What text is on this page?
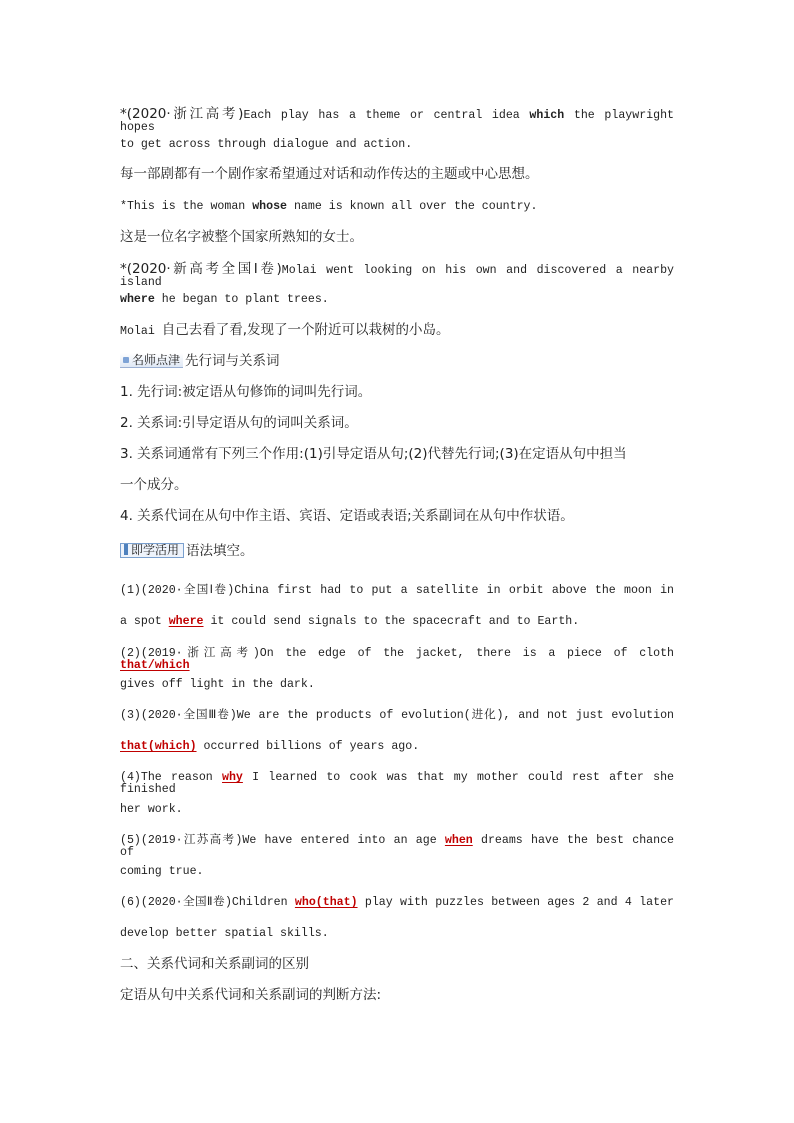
*(2020·浙江高考)Each play has a theme or central idea which the playwright hopes
to get across through dialogue and action.
每一部剧都有一个剧作家希望通过对话和动作传达的主题或中心思想。
*This is the woman whose name is known all over the country.
这是一位名字被整个国家所熟知的女士。
*(2020·新高考全国Ⅰ卷)Molai went looking on his own and discovered a nearby island
where he began to plant trees.
Molai 自己去看了看,发现了一个附近可以栽树的小岛。
名师点津 先行词与关系词
1. 先行词:被定语从句修饰的词叫先行词。
2. 关系词:引导定语从句的词叫关系词。
3. 关系词通常有下列三个作用:(1)引导定语从句;(2)代替先行词;(3)在定语从句中担当
一个成分。
4. 关系代词在从句中作主语、宾语、定语或表语;关系副词在从句中作状语。
即学活用 语法填空。
(1)(2020·全国Ⅰ卷)China first had to put a satellite in orbit above the moon in
a spot where it could send signals to the spacecraft and to Earth.
(2)(2019·浙江高考)On the edge of the jacket, there is a piece of cloth that/which
gives off light in the dark.
(3)(2020·全国Ⅲ卷)We are the products of evolution(进化), and not just evolution
that(which) occurred billions of years ago.
(4)The reason why I learned to cook was that my mother could rest after she finished
her work.
(5)(2019·江苏高考)We have entered into an age when dreams have the best chance of
coming true.
(6)(2020·全国Ⅱ卷)Children who(that) play with puzzles between ages 2 and 4 later
develop better spatial skills.
二、关系代词和关系副词的区别
定语从句中关系代词和关系副词的判断方法:
